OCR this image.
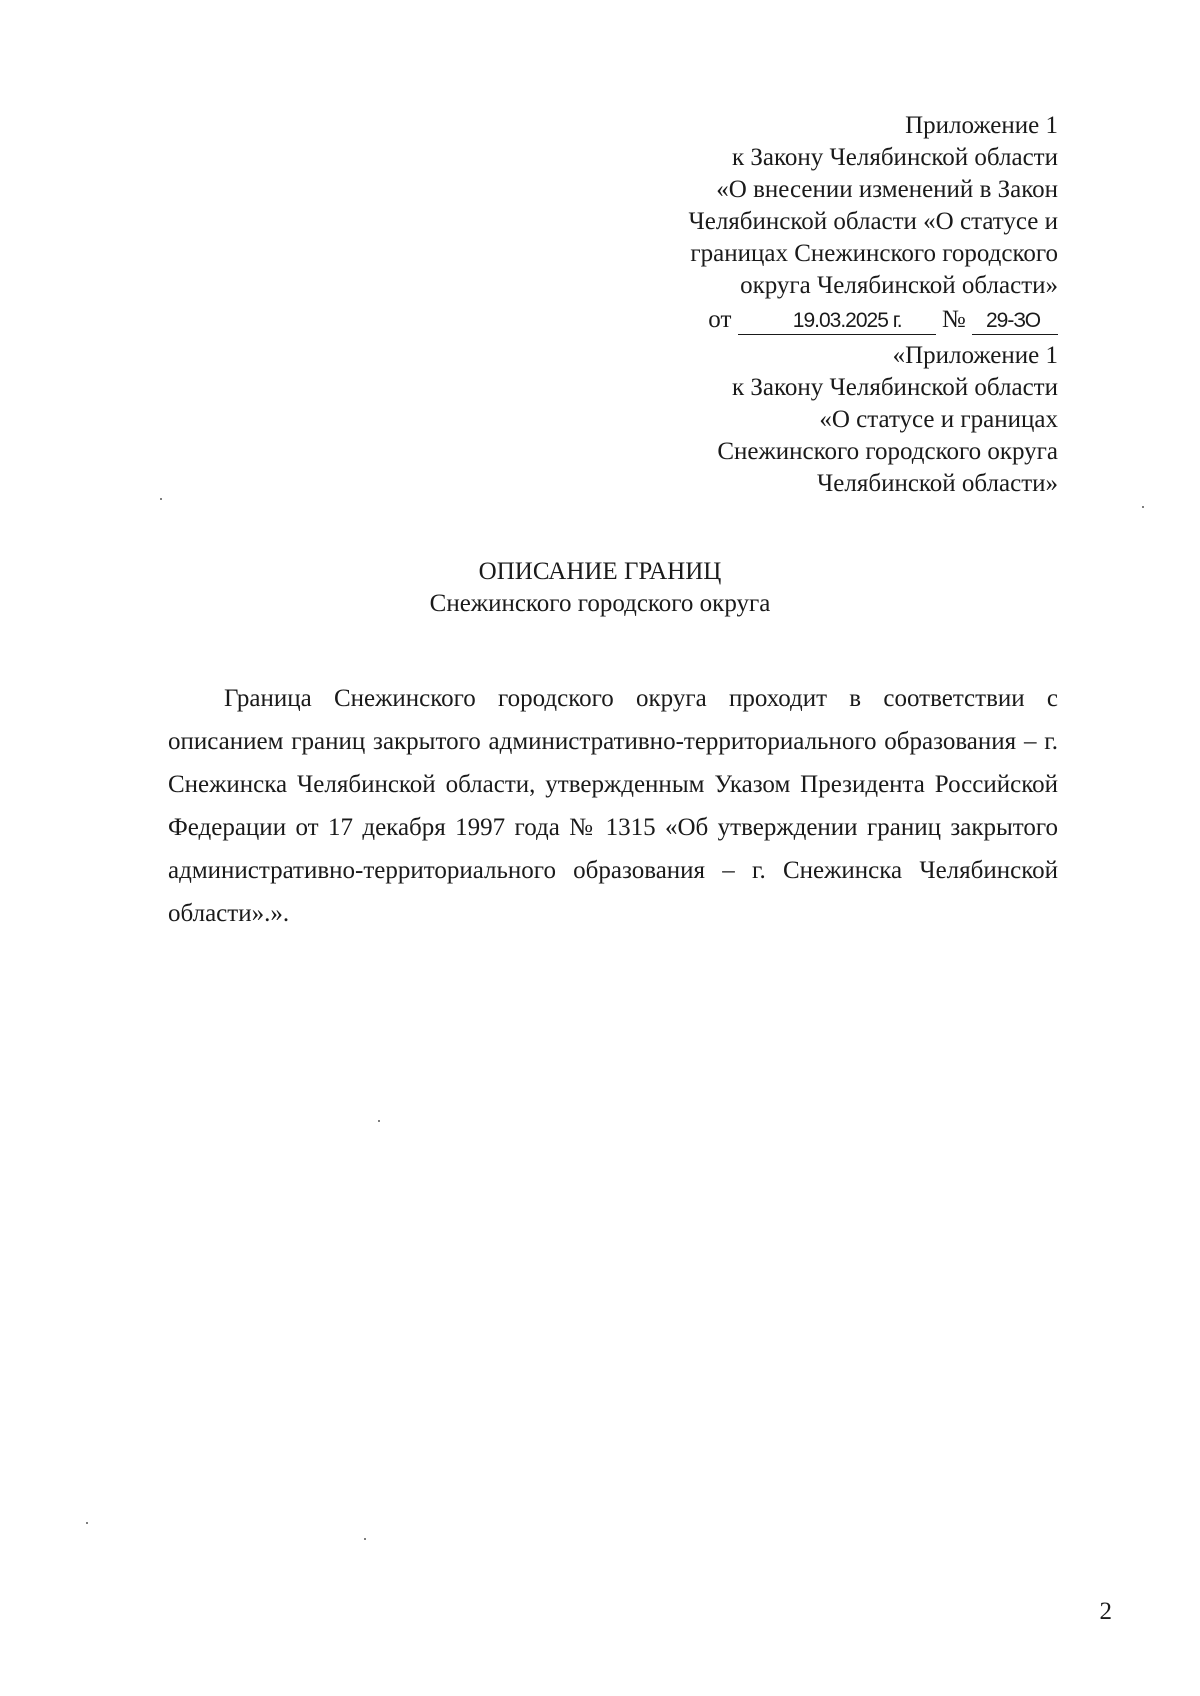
Приложение 1
к Закону Челябинской области
«О внесении изменений в Закон
Челябинской области «О статусе и
границах Снежинского городского
округа Челябинской области»
от	19.03.2025 г. № 29-ЗО
«Приложение 1
к Закону Челябинской области
«О статусе и границах
Снежинского городского округа
Челябинской области»
ОПИСАНИЕ ГРАНИЦ
Снежинского городского округа

Граница Снежинского городского округа проходит в соответствии с описанием границ закрытого административно-территориального образования – г. Снежинска Челябинской области, утвержденным Указом Президента Российской Федерации от 17 декабря 1997 года № 1315 «Об утверждении границ закрытого административно-территориального образования – г. Снежинска Челябинской области».».

2
